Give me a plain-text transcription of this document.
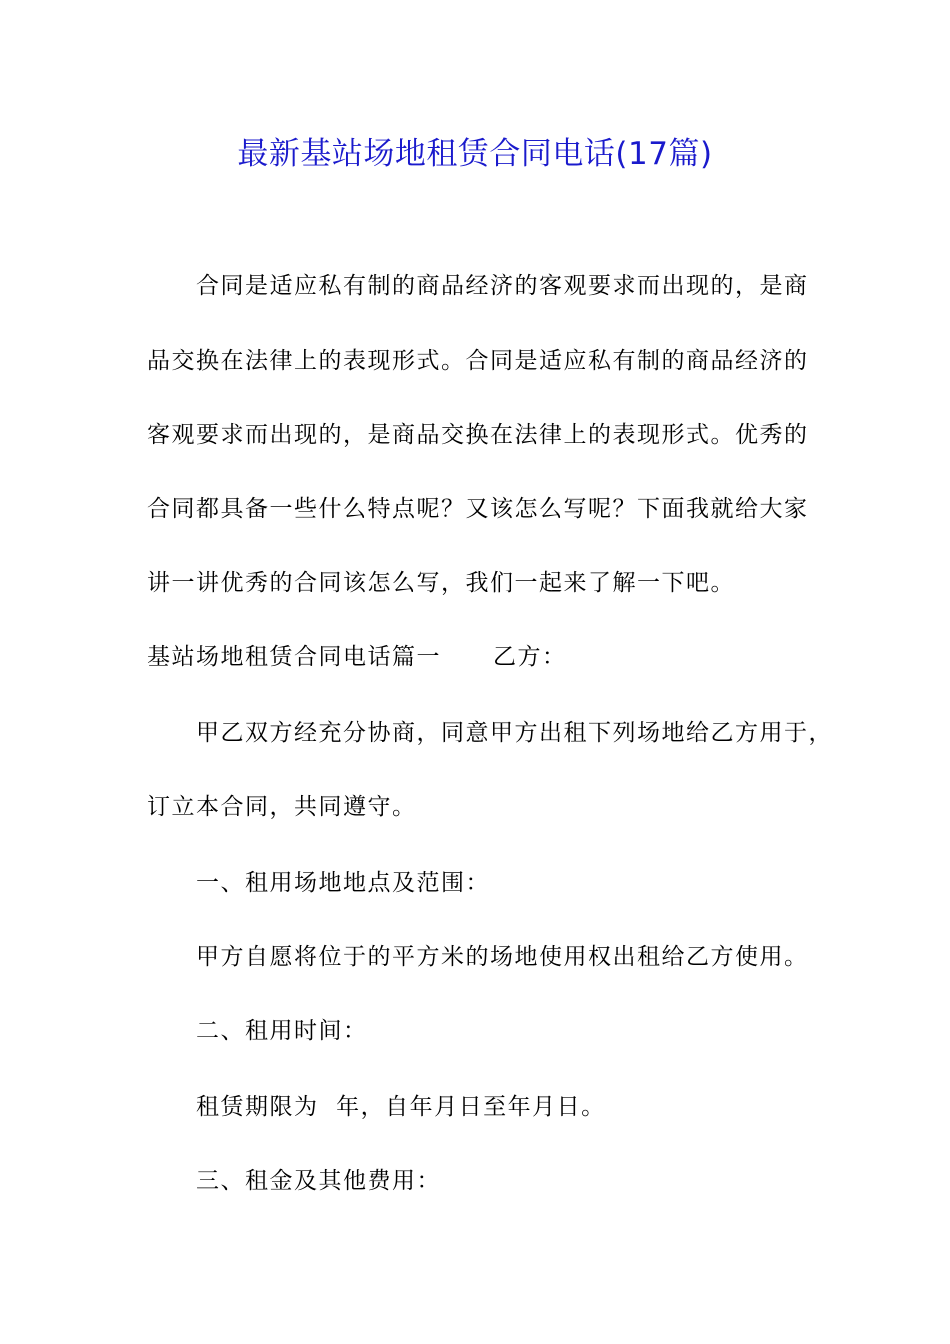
最新基站场地租赁合同电话(17篇)
合同是适应私有制的商品经济的客观要求而出现的，是商
品交换在法律上的表现形式。合同是适应私有制的商品经济的
客观要求而出现的，是商品交换在法律上的表现形式。优秀的
合同都具备一些什么特点呢？又该怎么写呢？下面我就给大家
讲一讲优秀的合同该怎么写，我们一起来了解一下吧。
基站场地租赁合同电话篇一 乙方：
甲乙双方经充分协商，同意甲方出租下列场地给乙方用于，
订立本合同，共同遵守。
一、租用场地地点及范围：
甲方自愿将位于的平方米的场地使用权出租给乙方使用。
二、租用时间：
租赁期限为  年，自年月日至年月日。
三、租金及其他费用：
